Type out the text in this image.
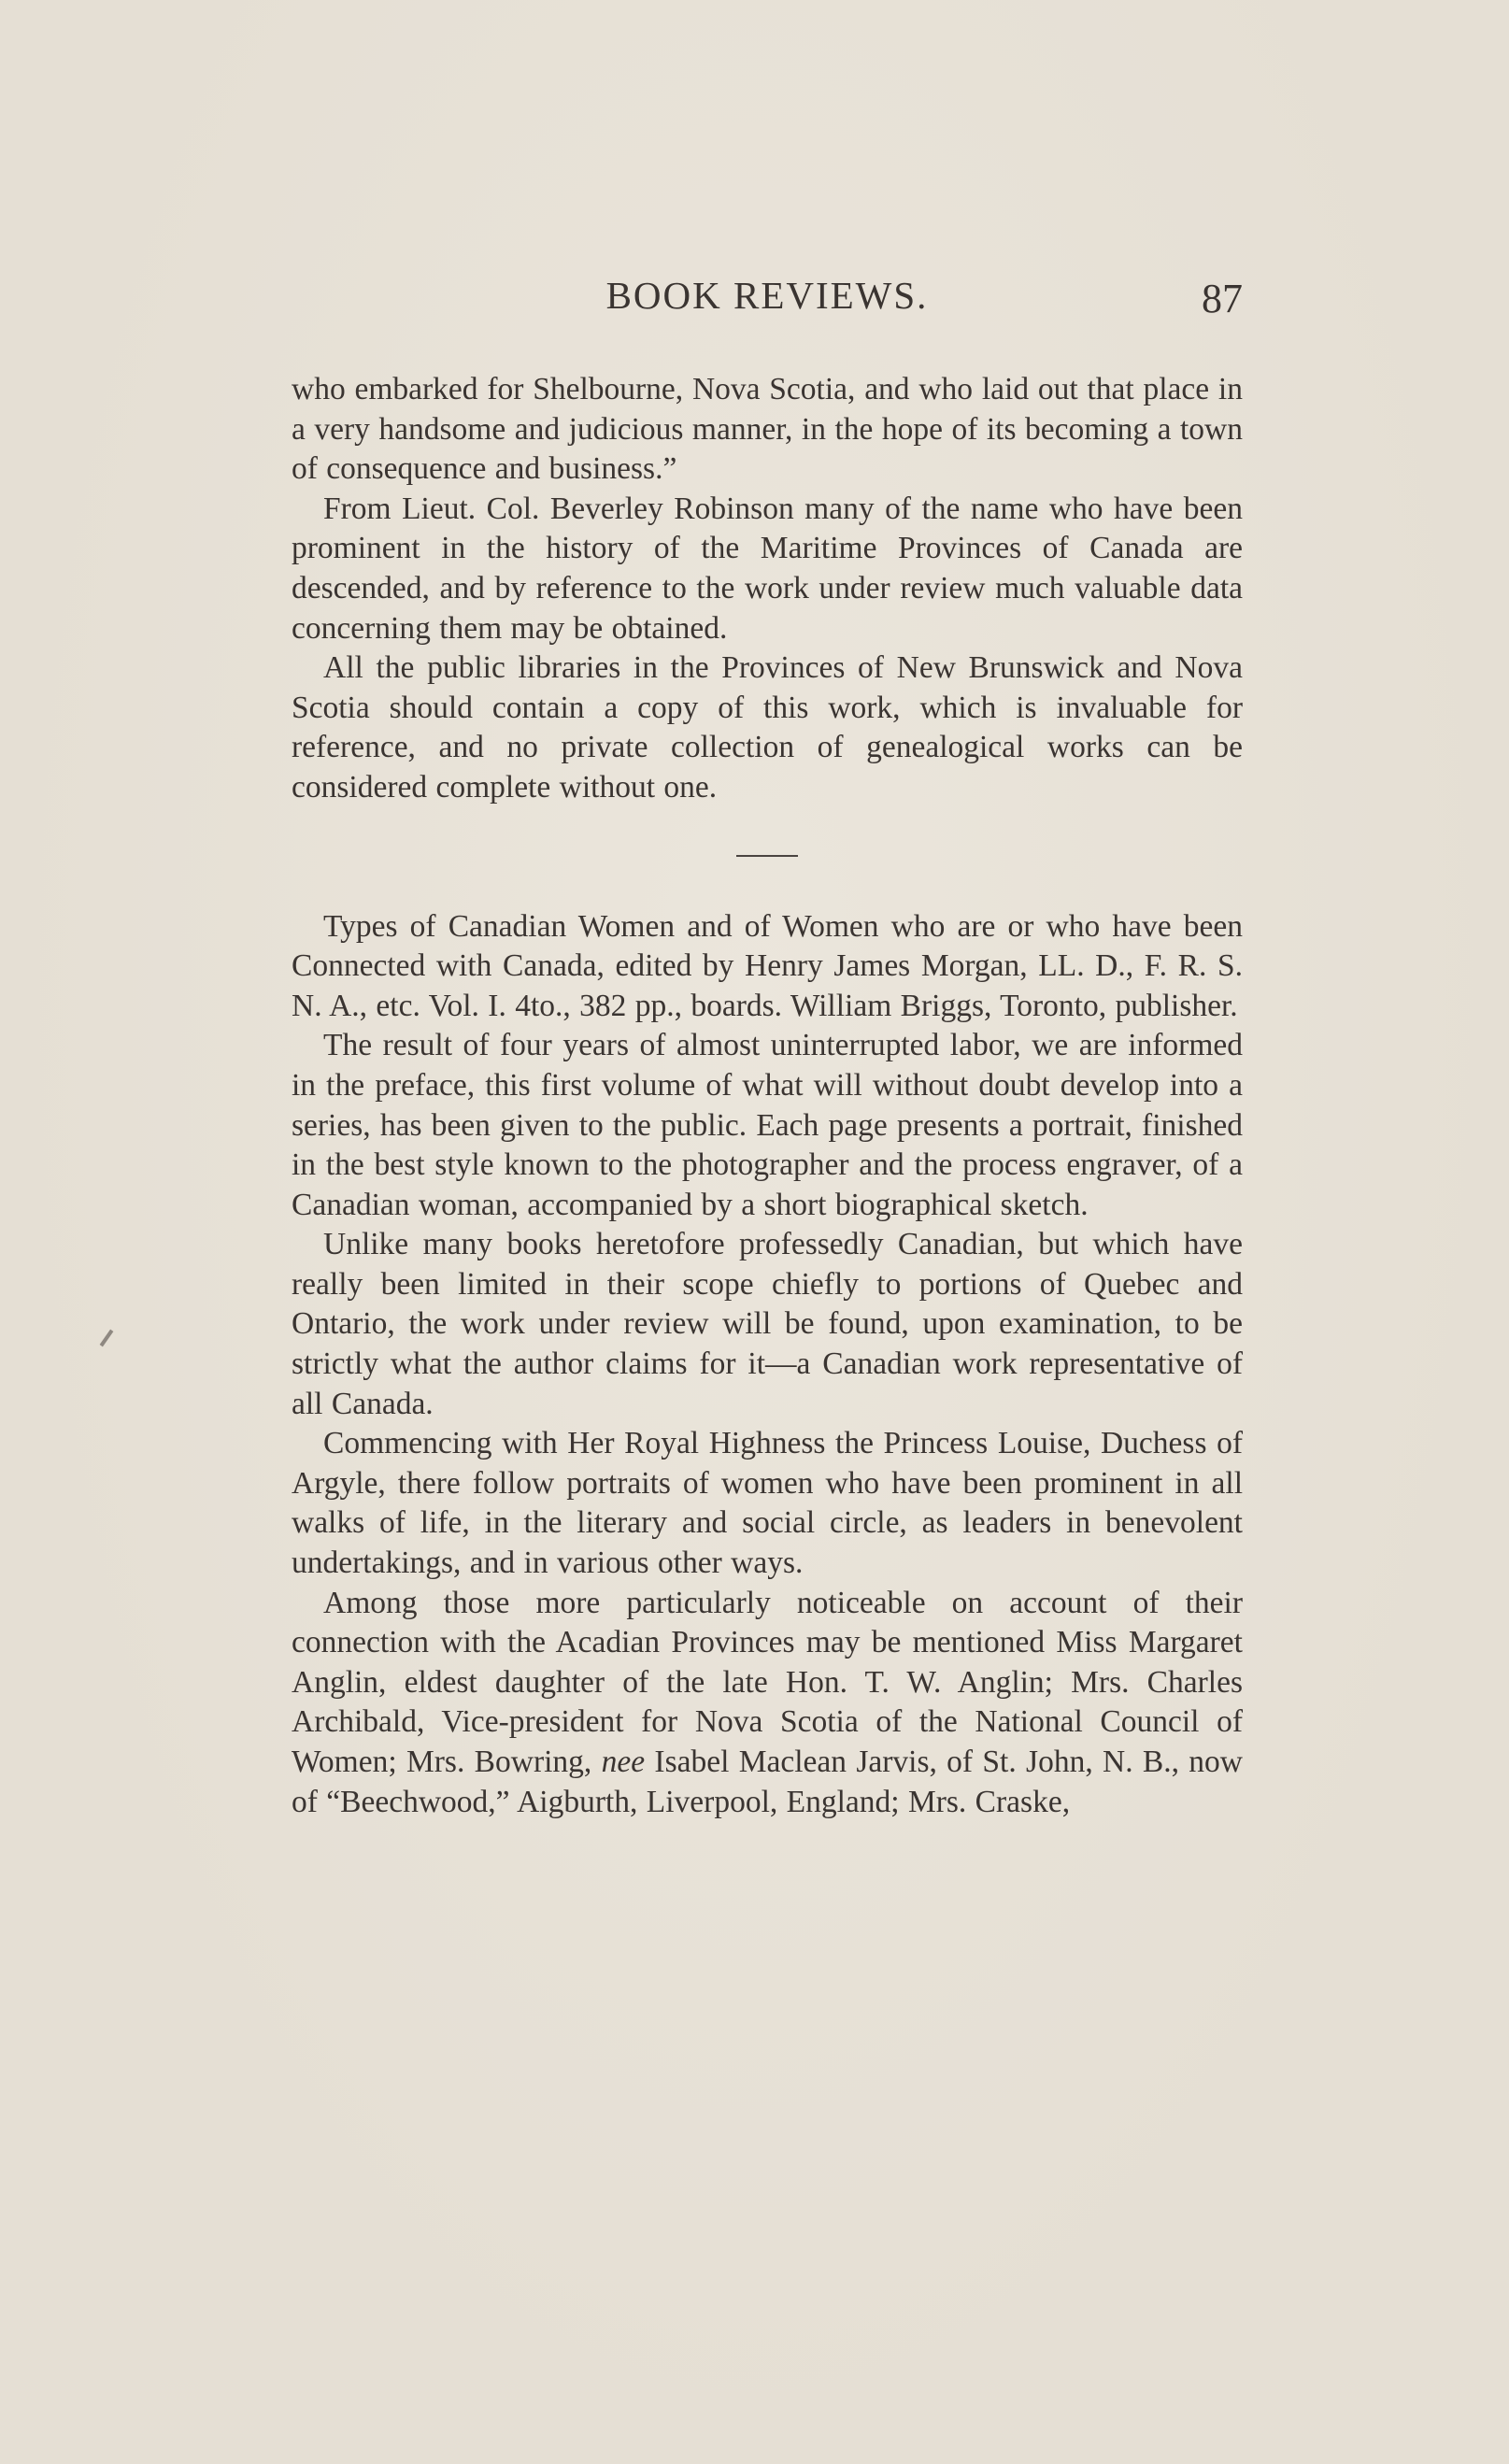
BOOK REVIEWS.	87

who embarked for Shelbourne, Nova Scotia, and who laid out that place in a very handsome and judicious manner, in the hope of its becoming a town of consequence and business.”

From Lieut. Col. Beverley Robinson many of the name who have been prominent in the history of the Maritime Provinces of Canada are descended, and by reference to the work under review much valuable data concerning them may be obtained.

All the public libraries in the Provinces of New Brunswick and Nova Scotia should contain a copy of this work, which is invaluable for reference, and no private collection of genealogical works can be considered complete without one.

Types of Canadian Women and of Women who are or who have been Connected with Canada, edited by Henry James Morgan, LL. D., F. R. S. N. A., etc. Vol. I. 4to., 382 pp., boards. William Briggs, Toronto, publisher.

The result of four years of almost uninterrupted labor, we are informed in the preface, this first volume of what will without doubt develop into a series, has been given to the public. Each page presents a portrait, finished in the best style known to the photographer and the process engraver, of a Canadian woman, accompanied by a short biographical sketch.

Unlike many books heretofore professedly Canadian, but which have really been limited in their scope chiefly to portions of Quebec and Ontario, the work under review will be found, upon examination, to be strictly what the author claims for it—a Canadian work representative of all Canada.

Commencing with Her Royal Highness the Princess Louise, Duchess of Argyle, there follow portraits of women who have been prominent in all walks of life, in the literary and social circle, as leaders in benevolent undertakings, and in various other ways.

Among those more particularly noticeable on account of their connection with the Acadian Provinces may be mentioned Miss Margaret Anglin, eldest daughter of the late Hon. T. W. Anglin; Mrs. Charles Archibald, Vice-president for Nova Scotia of the National Council of Women; Mrs. Bowring, nee Isabel Maclean Jarvis, of St. John, N. B., now of “Beechwood,” Aigburth, Liverpool, England; Mrs. Craske,
